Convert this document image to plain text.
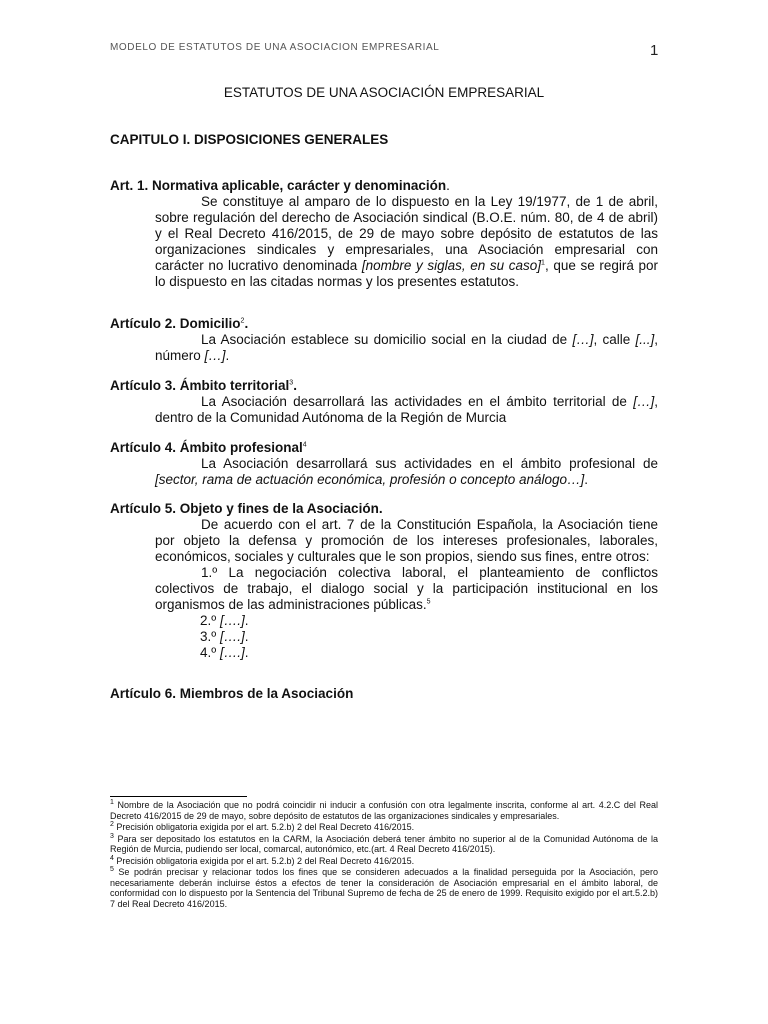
MODELO DE ESTATUTOS DE UNA ASOCIACION EMPRESARIAL	1
ESTATUTOS DE UNA ASOCIACIÓN EMPRESARIAL
CAPITULO I. DISPOSICIONES GENERALES
Art. 1. Normativa aplicable, carácter y denominación.
Se constituye al amparo de lo dispuesto en la Ley 19/1977, de 1 de abril, sobre regulación del derecho de Asociación sindical (B.O.E. núm. 80, de 4 de abril) y el Real Decreto 416/2015, de 29 de mayo sobre depósito de estatutos de las organizaciones sindicales y empresariales, una Asociación empresarial con carácter no lucrativo denominada [nombre y siglas, en su caso]$^1$, que se regirá por lo dispuesto en las citadas normas y los presentes estatutos.
Artículo 2. Domicilio$^2$.
La Asociación establece su domicilio social en la ciudad de […], calle [...], número […].
Artículo 3. Ámbito territorial$^3$.
La Asociación desarrollará las actividades en el ámbito territorial de […], dentro de la Comunidad Autónoma de la Región de Murcia
Artículo 4. Ámbito profesional$^4$
La Asociación desarrollará sus actividades en el ámbito profesional de [sector, rama de actuación económica, profesión o concepto análogo…].
Artículo 5. Objeto y fines de la Asociación.
De acuerdo con el art. 7 de la Constitución Española, la Asociación tiene por objeto la defensa y promoción de los intereses profesionales, laborales, económicos, sociales y culturales que le son propios, siendo sus fines, entre otros:
1.º La negociación colectiva laboral, el planteamiento de conflictos colectivos de trabajo, el dialogo social y la participación institucional en los organismos de las administraciones públicas.$^5$
2.º [….].
3.º [….].
4.º [….].
Artículo 6. Miembros de la Asociación
$^1$ Nombre de la Asociación que no podrá coincidir ni inducir a confusión con otra legalmente inscrita, conforme al art. 4.2.C del Real Decreto 416/2015 de 29 de mayo, sobre depósito de estatutos de las organizaciones sindicales y empresariales.
$^2$ Precisión obligatoria exigida por el art. 5.2.b) 2 del Real Decreto 416/2015.
$^3$ Para ser depositado los estatutos en la CARM, la Asociación deberá tener ámbito no superior al de la Comunidad Autónoma de la Región de Murcia, pudiendo ser local, comarcal, autonómico, etc.(art. 4 Real Decreto 416/2015).
$^4$ Precisión obligatoria exigida por el art. 5.2.b) 2 del Real Decreto 416/2015.
$^5$ Se podrán precisar y relacionar todos los fines que se consideren adecuados a la finalidad perseguida por la Asociación, pero necesariamente deberán incluirse éstos a efectos de tener la consideración de Asociación empresarial en el ámbito laboral, de conformidad con lo dispuesto por la Sentencia del Tribunal Supremo de fecha de 25 de enero de 1999. Requisito exigido por el art.5.2.b) 7 del Real Decreto 416/2015.
